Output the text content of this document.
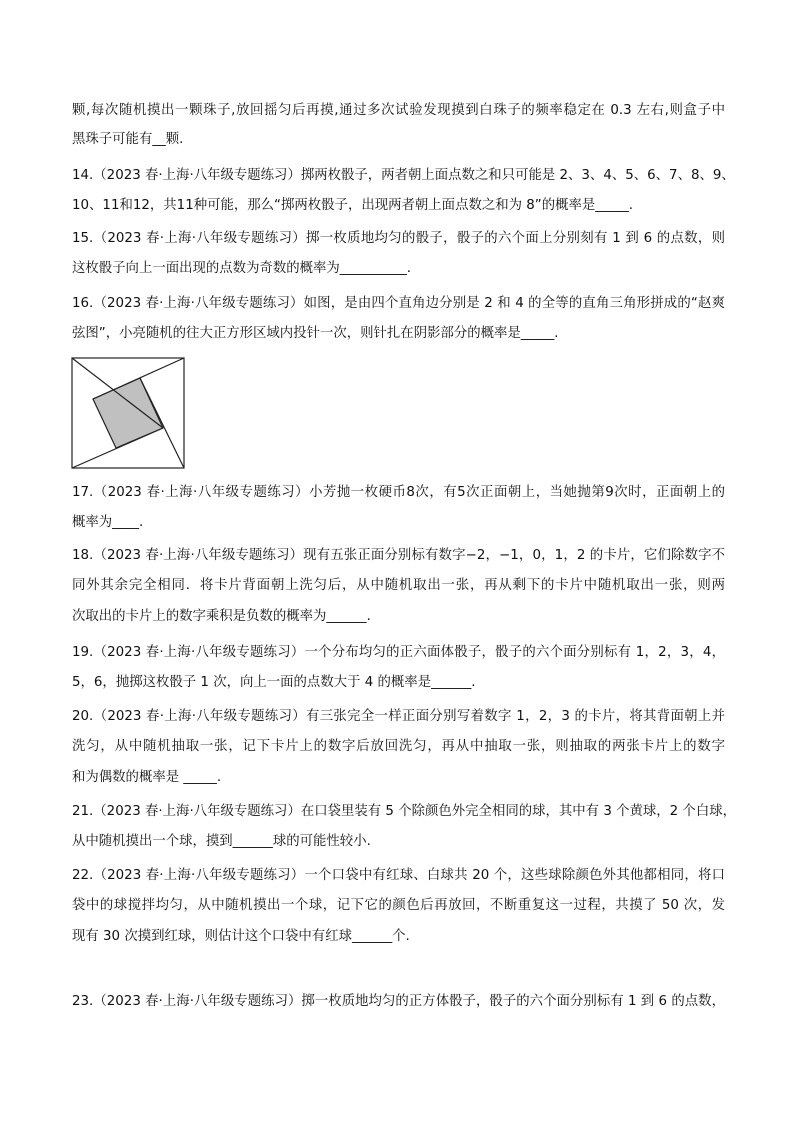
颗,每次随机摸出一颗珠子,放回摇匀后再摸,通过多次试验发现摸到白珠子的频率稳定在 0.3 左右,则盒子中
黑珠子可能有__颗.
14.（2023 春·上海·八年级专题练习）掷两枚骰子，两者朝上面点数之和只可能是 2、3、4、5、6、7、8、9、
10、11和12，共11种可能，那么“掷两枚骰子，出现两者朝上面点数之和为 8”的概率是_____.
15.（2023 春·上海·八年级专题练习）掷一枚质地均匀的骰子，骰子的六个面上分别刻有 1 到 6 的点数，则
这枚骰子向上一面出现的点数为奇数的概率为__________.
16.（2023 春·上海·八年级专题练习）如图，是由四个直角边分别是 2 和 4 的全等的直角三角形拼成的“赵爽
弦图”，小亮随机的往大正方形区域内投针一次，则针扎在阴影部分的概率是_____.
17.（2023 春·上海·八年级专题练习）小芳抛一枚硬币8次，有5次正面朝上，当她抛第9次时，正面朝上的
概率为____.
18.（2023 春·上海·八年级专题练习）现有五张正面分别标有数字−2，−1，0，1，2 的卡片，它们除数字不
同外其余完全相同．将卡片背面朝上洗匀后，从中随机取出一张，再从剩下的卡片中随机取出一张，则两
次取出的卡片上的数字乘积是负数的概率为______.
19.（2023 春·上海·八年级专题练习）一个分布均匀的正六面体骰子，骰子的六个面分别标有 1，2，3，4，
5，6，抛掷这枚骰子 1 次，向上一面的点数大于 4 的概率是______.
20.（2023 春·上海·八年级专题练习）有三张完全一样正面分别写着数字 1，2，3 的卡片，将其背面朝上并
洗匀，从中随机抽取一张，记下卡片上的数字后放回洗匀，再从中抽取一张，则抽取的两张卡片上的数字
和为偶数的概率是 _____.
21.（2023 春·上海·八年级专题练习）在口袋里装有 5 个除颜色外完全相同的球，其中有 3 个黄球，2 个白球，
从中随机摸出一个球，摸到______球的可能性较小.
22.（2023 春·上海·八年级专题练习）一个口袋中有红球、白球共 20 个，这些球除颜色外其他都相同，将口
袋中的球搅拌均匀，从中随机摸出一个球，记下它的颜色后再放回，不断重复这一过程，共摸了 50 次，发
现有 30 次摸到红球，则估计这个口袋中有红球______个.
23.（2023 春·上海·八年级专题练习）掷一枚质地均匀的正方体骰子，骰子的六个面分别标有 1 到 6 的点数，
